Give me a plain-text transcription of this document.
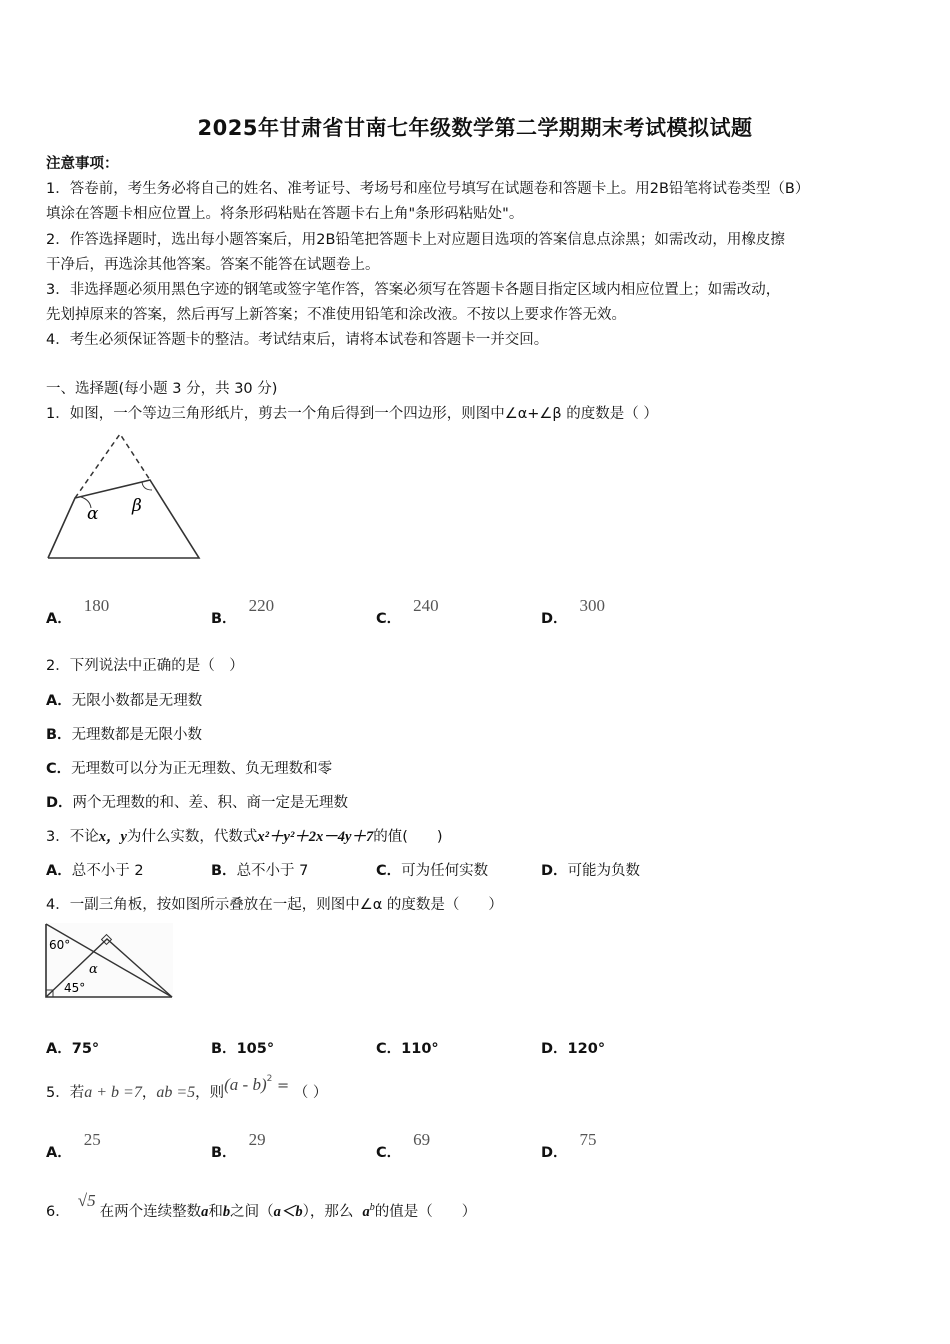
2025年甘肃省甘南七年级数学第二学期期末考试模拟试题
注意事项：
1．答卷前，考生务必将自己的姓名、准考证号、考场号和座位号填写在试题卷和答题卡上。用2B铅笔将试卷类型（B）
填涂在答题卡相应位置上。将条形码粘贴在答题卡右上角"条形码粘贴处"。
2．作答选择题时，选出每小题答案后，用2B铅笔把答题卡上对应题目选项的答案信息点涂黑；如需改动，用橡皮擦
干净后，再选涂其他答案。答案不能答在试题卷上。
3．非选择题必须用黑色字迹的钢笔或签字笔作答，答案必须写在答题卡各题目指定区域内相应位置上；如需改动，
先划掉原来的答案，然后再写上新答案；不准使用铅笔和涂改液。不按以上要求作答无效。
4．考生必须保证答题卡的整洁。考试结束后，请将本试卷和答题卡一并交回。
一、选择题(每小题 3 分，共 30 分)
1．如图，一个等边三角形纸片，剪去一个角后得到一个四边形，则图中∠α+∠β 的度数是（ ）
α β
A．180
B．220
C．240
D．300
2．下列说法中正确的是（　）
A．无限小数都是无理数
B．无理数都是无限小数
C．无理数可以分为正无理数、负无理数和零
D．两个无理数的和、差、积、商一定是无理数
3．不论x，y为什么实数，代数式x²＋y²＋2x－4y＋7的值(　　)
A．总不小于 2	B．总不小于 7	C．可为任何实数	D．可能为负数
4．一副三角板，按如图所示叠放在一起，则图中∠α 的度数是（　　）
60°
45°
α
A．75°	B．105°	C．110°	D．120°
5．若a + b =7，ab =5，则(a - b)$^2$ = （ ）
A．25
B．29
C．69
D．75
6．√5在两个连续整数a和b之间（a＜b），那么 $a^b$的值是（　　）
